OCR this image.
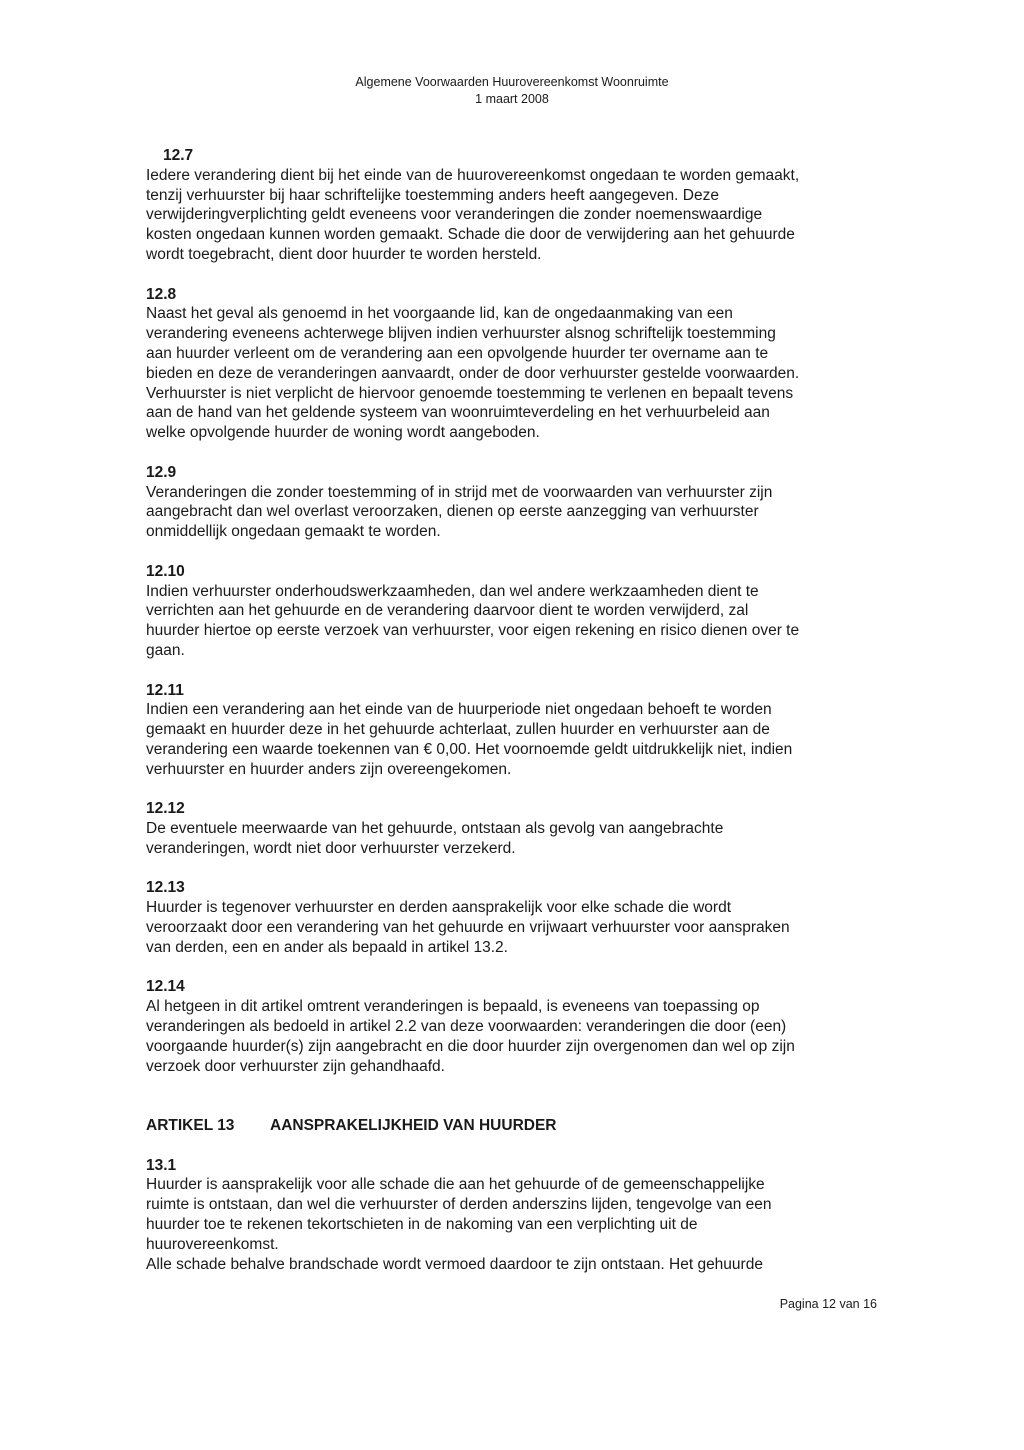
Algemene Voorwaarden Huurovereenkomst Woonruimte
1 maart 2008
12.7
Iedere verandering dient bij het einde van de huurovereenkomst ongedaan te worden gemaakt,
tenzij verhuurster bij haar schriftelijke toestemming anders heeft aangegeven. Deze
verwijderingverplichting geldt eveneens voor veranderingen die zonder noemenswaardige
kosten ongedaan kunnen worden gemaakt. Schade die door de verwijdering aan het gehuurde
wordt toegebracht, dient door huurder te worden hersteld.
12.8
Naast het geval als genoemd in het voorgaande lid, kan de ongedaanmaking van een
verandering eveneens achterwege blijven indien verhuurster alsnog schriftelijk toestemming
aan huurder verleent om de verandering aan een opvolgende huurder ter overname aan te
bieden en deze de veranderingen aanvaardt, onder de door verhuurster gestelde voorwaarden.
Verhuurster is niet verplicht de hiervoor genoemde toestemming te verlenen en bepaalt tevens
aan de hand van het geldende systeem van woonruimteverdeling en het verhuurbeleid aan
welke opvolgende huurder de woning wordt aangeboden.
12.9
Veranderingen die zonder toestemming of in strijd met de voorwaarden van verhuurster zijn
aangebracht dan wel overlast veroorzaken, dienen op eerste aanzegging van verhuurster
onmiddellijk ongedaan gemaakt te worden.
12.10
Indien verhuurster onderhoudswerkzaamheden, dan wel andere werkzaamheden dient te
verrichten aan het gehuurde en de verandering daarvoor dient te worden verwijderd, zal
huurder hiertoe op eerste verzoek van verhuurster, voor eigen rekening en risico dienen over te
gaan.
12.11
Indien een verandering aan het einde van de huurperiode niet ongedaan behoeft te worden
gemaakt en huurder deze in het gehuurde achterlaat, zullen huurder en verhuurster aan de
verandering een waarde toekennen van € 0,00. Het voornoemde geldt uitdrukkelijk niet, indien
verhuurster en huurder anders zijn overeengekomen.
12.12
De eventuele meerwaarde van het gehuurde, ontstaan als gevolg van aangebrachte
veranderingen, wordt niet door verhuurster verzekerd.
12.13
Huurder is tegenover verhuurster en derden aansprakelijk voor elke schade die wordt
veroorzaakt door een verandering van het gehuurde en vrijwaart verhuurster voor aanspraken
van derden, een en ander als bepaald in artikel 13.2.
12.14
Al hetgeen in dit artikel omtrent veranderingen is bepaald, is eveneens van toepassing op
veranderingen als bedoeld in artikel 2.2 van deze voorwaarden: veranderingen die door (een)
voorgaande huurder(s) zijn aangebracht en die door huurder zijn overgenomen dan wel op zijn
verzoek door verhuurster zijn gehandhaafd.
ARTIKEL 13	AANSPRAKELIJKHEID VAN HUURDER
13.1
Huurder is aansprakelijk voor alle schade die aan het gehuurde of de gemeenschappelijke
ruimte is ontstaan, dan wel die verhuurster of derden anderszins lijden, tengevolge van een
huurder toe te rekenen tekortschieten in de nakoming van een verplichting uit de
huurovereenkomst.
Alle schade behalve brandschade wordt vermoed daardoor te zijn ontstaan. Het gehuurde
Pagina 12 van 16
